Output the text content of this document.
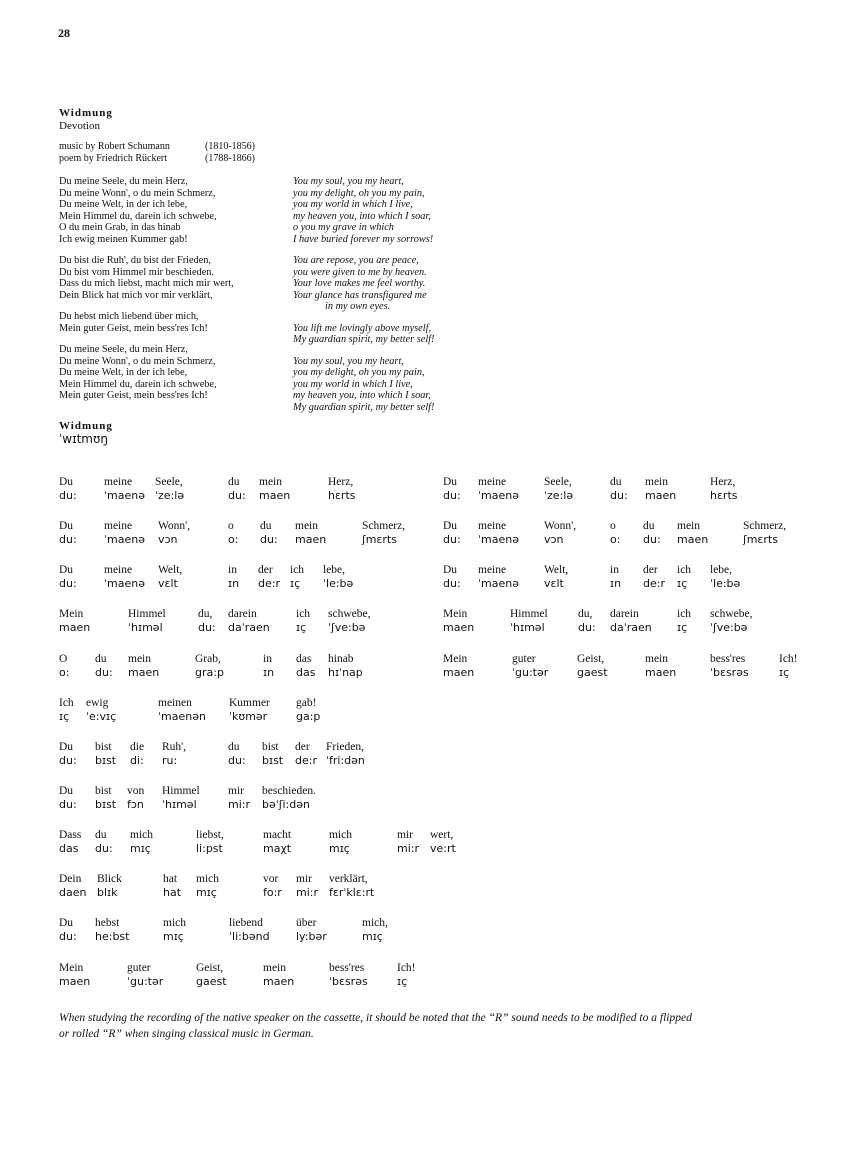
28
Widmung
Devotion
music by Robert Schumann	(1810-1856)
poem by Friedrich Rückert	(1788-1866)
Du meine Seele, du mein Herz,
Du meine Wonn', o du mein Schmerz,
Du meine Welt, in der ich lebe,
Mein Himmel du, darein ich schwebe,
O du mein Grab, in das hinab
Ich ewig meinen Kummer gab!
Du bist die Ruh', du bist der Frieden,
Du bist vom Himmel mir beschieden.
Dass du mich liebst, macht mich mir wert,
Dein Blick hat mich vor mir verklärt,
Du hebst mich liebend über mich,
Mein guter Geist, mein bess'res Ich!
Du meine Seele, du mein Herz,
Du meine Wonn', o du mein Schmerz,
Du meine Welt, in der ich lebe,
Mein Himmel du, darein ich schwebe,
Mein guter Geist, mein bess'res Ich!
You my soul, you my heart,
you my delight, oh you my pain,
you my world in which I live,
my heaven you, into which I soar,
o you my grave in which
I have buried forever my sorrows!
You are repose, you are peace,
you were given to me by heaven.
Your love makes me feel worthy.
Your glance has transfigured me
in my own eyes.
You lift me lovingly above myself,
My guardian spirit, my better self!
You my soul, you my heart,
you my delight, oh you my pain,
you my world in which I live,
my heaven you, into which I soar,
My guardian spirit, my better self!
Widmung
ˈwɪtmʊŋ
Du
du:
meine
ˈmaenə
Seele,
ˈze:lə
du
du:
mein
maen
Herz,
hɛrts
Du
du:
meine
ˈmaenə
Wonn',
vɔn
o
o:
du
du:
mein
maen
Schmerz,
ʃmɛrts
Du
du:
meine
ˈmaenə
Welt,
vɛlt
in
ɪn
der
de:r
ich
ɪç
lebe,
ˈle:bə
Mein
maen
Himmel
ˈhɪməl
du,
du:
darein
daˈraen
ich
ɪç
schwebe,
ˈʃve:bə
O
o:
du
du:
mein
maen
Grab,
gra:p
in
ɪn
das
das
hinab
hɪˈnap
Ich
ɪç
ewig
ˈe:vɪç
meinen
ˈmaenən
Kummer
ˈkʊmər
gab!
ga:p
Du
du:
bist
bɪst
die
di:
Ruh',
ru:
du
du:
bist
bɪst
der
de:r
Frieden,
ˈfri:dən
Du
du:
bist
bɪst
von
fɔn
Himmel
ˈhɪməl
mir
mi:r
beschieden.
bəˈʃi:dən
Dass
das
du
du:
mich
mɪç
liebst,
li:pst
macht
maχt
mich
mɪç
mir
mi:r
wert,
ve:rt
Dein
daen
Blick
blɪk
hat
hat
mich
mɪç
vor
fo:r
mir
mi:r
verklärt,
fɛrˈklɛ:rt
Du
du:
hebst
he:bst
mich
mɪç
liebend
ˈli:bənd
über
ly:bər
mich,
mɪç
Mein
maen
guter
ˈgu:tər
Geist,
gaest
mein
maen
bess'res
ˈbɛsrəs
Ich!
ɪç
Du
du:
meine
ˈmaenə
Seele,
ˈze:lə
du
du:
mein
maen
Herz,
hɛrts
Du
du:
meine
ˈmaenə
Wonn',
vɔn
o
o:
du
du:
mein
maen
Schmerz,
ʃmɛrts
Du
du:
meine
ˈmaenə
Welt,
vɛlt
in
ɪn
der
de:r
ich
ɪç
lebe,
ˈle:bə
Mein
maen
Himmel
ˈhɪməl
du,
du:
darein
daˈraen
ich
ɪç
schwebe,
ˈʃve:bə
Mein
maen
guter
ˈgu:tər
Geist,
gaest
mein
maen
bess'res
ˈbɛsrəs
Ich!
ɪç
When studying the recording of the native speaker on the cassette, it should be noted that the “R” sound needs to be modified to a flipped or rolled “R” when singing classical music in German.
